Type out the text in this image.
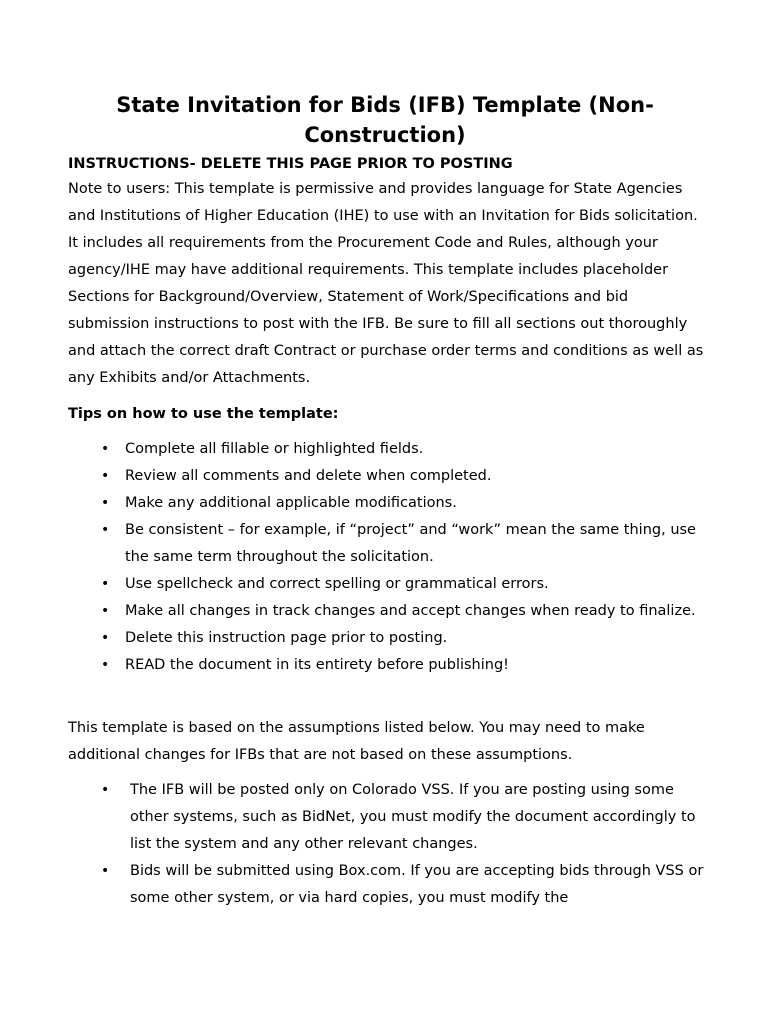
State Invitation for Bids (IFB) Template (Non-Construction)

INSTRUCTIONS- DELETE THIS PAGE PRIOR TO POSTING

Note to users: This template is permissive and provides language for State Agencies and Institutions of Higher Education (IHE) to use with an Invitation for Bids solicitation. It includes all requirements from the Procurement Code and Rules, although your agency/IHE may have additional requirements. This template includes placeholder Sections for Background/Overview, Statement of Work/Specifications and bid submission instructions to post with the IFB. Be sure to fill all sections out thoroughly and attach the correct draft Contract or purchase order terms and conditions as well as any Exhibits and/or Attachments.

Tips on how to use the template:

• Complete all fillable or highlighted fields.
• Review all comments and delete when completed.
• Make any additional applicable modifications.
• Be consistent – for example, if “project” and “work” mean the same thing, use the same term throughout the solicitation.
• Use spellcheck and correct spelling or grammatical errors.
• Make all changes in track changes and accept changes when ready to finalize.
• Delete this instruction page prior to posting.
• READ the document in its entirety before publishing!

This template is based on the assumptions listed below. You may need to make additional changes for IFBs that are not based on these assumptions.

• The IFB will be posted only on Colorado VSS. If you are posting using some other systems, such as BidNet, you must modify the document accordingly to list the system and any other relevant changes.
• Bids will be submitted using Box.com. If you are accepting bids through VSS or some other system, or via hard copies, you must modify the
